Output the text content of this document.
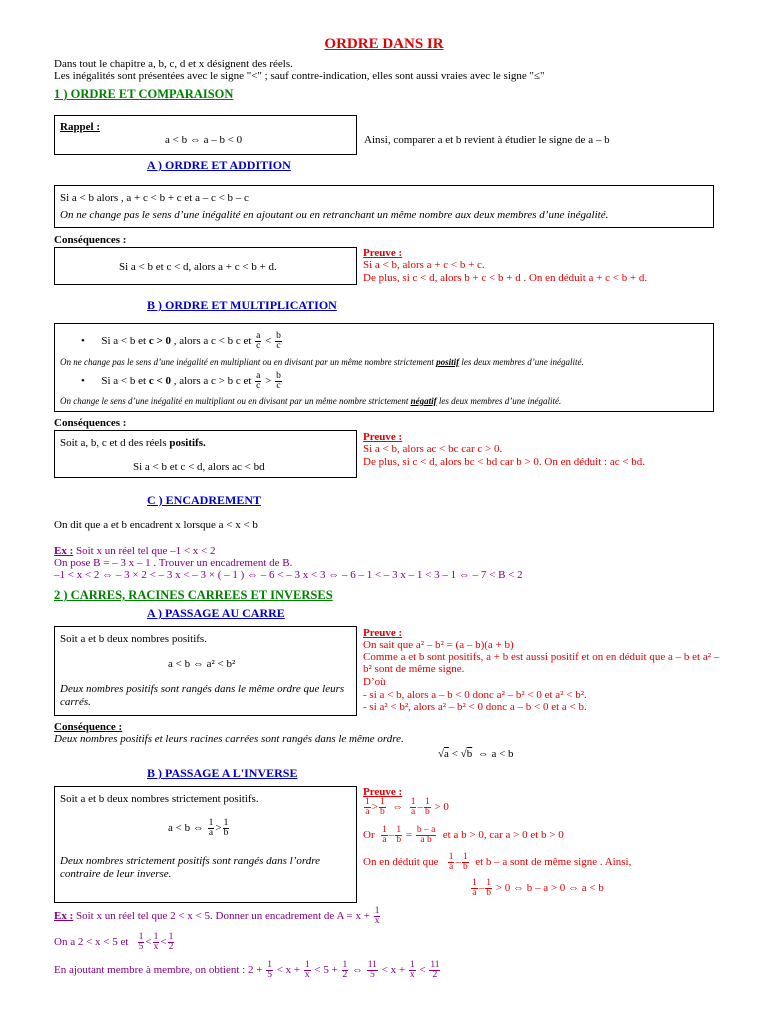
ORDRE DANS IR
Dans tout le chapitre a, b, c, d et x désignent des réels.
Les inégalités sont présentées avec le signe "<" ; sauf contre-indication, elles sont aussi vraies avec le signe "≤"
1 ) ORDRE ET COMPARAISON
Rappel :
a < b ⇔ a – b < 0	Ainsi, comparer a et b revient à étudier le signe de a – b
A ) ORDRE ET ADDITION
Si a < b alors , a + c < b + c et a – c < b – c
On ne change pas le sens d’une inégalité en ajoutant ou en retranchant un même nombre aux deux membres d’une inégalité.
Conséquences :
Si a < b et c < d, alors a + c < b + d.
Preuve :
Si a < b, alors a + c < b + c.
De plus, si c < d, alors b + c < b + d . On en déduit a + c < b + d.
B ) ORDRE ET MULTIPLICATION
• Si a < b et c > 0 , alors a c < b c et $\frac{a}{c} < \frac{b}{c}$
On ne change pas le sens d’une inégalité en multipliant ou en divisant par un même nombre strictement positif les deux membres d’une inégalité.
• Si a < b et c < 0 , alors a c > b c et $\frac{a}{c} > \frac{b}{c}$
On change le sens d’une inégalité en multipliant ou en divisant par un même nombre strictement négatif les deux membres d’une inégalité.
Conséquences :
Soit a, b, c et d des réels positifs.
Si a < b et c < d, alors ac < bd
Preuve :
Si a < b, alors ac < bc car c > 0.
De plus, si c < d, alors bc < bd car b > 0. On en déduit : ac < bd.
C ) ENCADREMENT
On dit que a et b encadrent x lorsque a < x < b
Ex : Soit x un réel tel que –1 < x < 2
On pose B = – 3 x – 1 . Trouver un encadrement de B.
–1 < x < 2 ⇔ – 3 × 2 < – 3 x < – 3 × ( – 1 ) ⇔ – 6 < – 3 x < 3 ⇔ – 6 – 1 < – 3 x – 1 < 3 – 1 ⇔ – 7 < B < 2
2 ) CARRES, RACINES CARREES ET INVERSES
A ) PASSAGE AU CARRE
Soit a et b deux nombres positifs.
a < b ⇔ a² < b²
Deux nombres positifs sont rangés dans le même ordre que leurs carrés.
Preuve :
On sait que a² – b² = (a – b)(a + b)
Comme a et b sont positifs, a + b est aussi positif et on en déduit que a – b et a² – b² sont de même signe.
D’où
- si a < b, alors a – b < 0 donc a² – b² < 0 et a² < b².
- si a² < b², alors a² – b² < 0 donc a – b < 0 et a < b.
Conséquence :
Deux nombres positifs et leurs racines carrées sont rangés dans le même ordre.
√a < √b ⇔ a < b
B ) PASSAGE A L'INVERSE
Soit a et b deux nombres strictement positifs.
a < b ⇔ $\frac{1}{a} > \frac{1}{b}$
Deux nombres strictement positifs sont rangés dans l’ordre contraire de leur inverse.
Preuve :
$\frac{1}{a} > \frac{1}{b}$ ⇔ $\frac{1}{a} - \frac{1}{b} > 0$
Or $\frac{1}{a} - \frac{1}{b} = \frac{b - a}{\text{a b}}$ et a b > 0, car a > 0 et b > 0
On en déduit que $\frac{1}{a} - \frac{1}{b}$ et b – a sont de même signe . Ainsi,
$\frac{1}{a} - \frac{1}{b} > 0$ ⇔ b – a > 0 ⇔ a < b
Ex : Soit x un réel tel que 2 < x < 5. Donner un encadrement de $A = x + \frac{1}{x}$
On a 2 < x < 5 et $\frac{1}{5} < \frac{1}{x} < \frac{1}{2}$
En ajoutant membre à membre, on obtient : $2 + \frac{1}{5} < x + \frac{1}{x} < 5 + \frac{1}{2}$ ⇔ $\frac{11}{5} < x + \frac{1}{x} < \frac{11}{2}$
